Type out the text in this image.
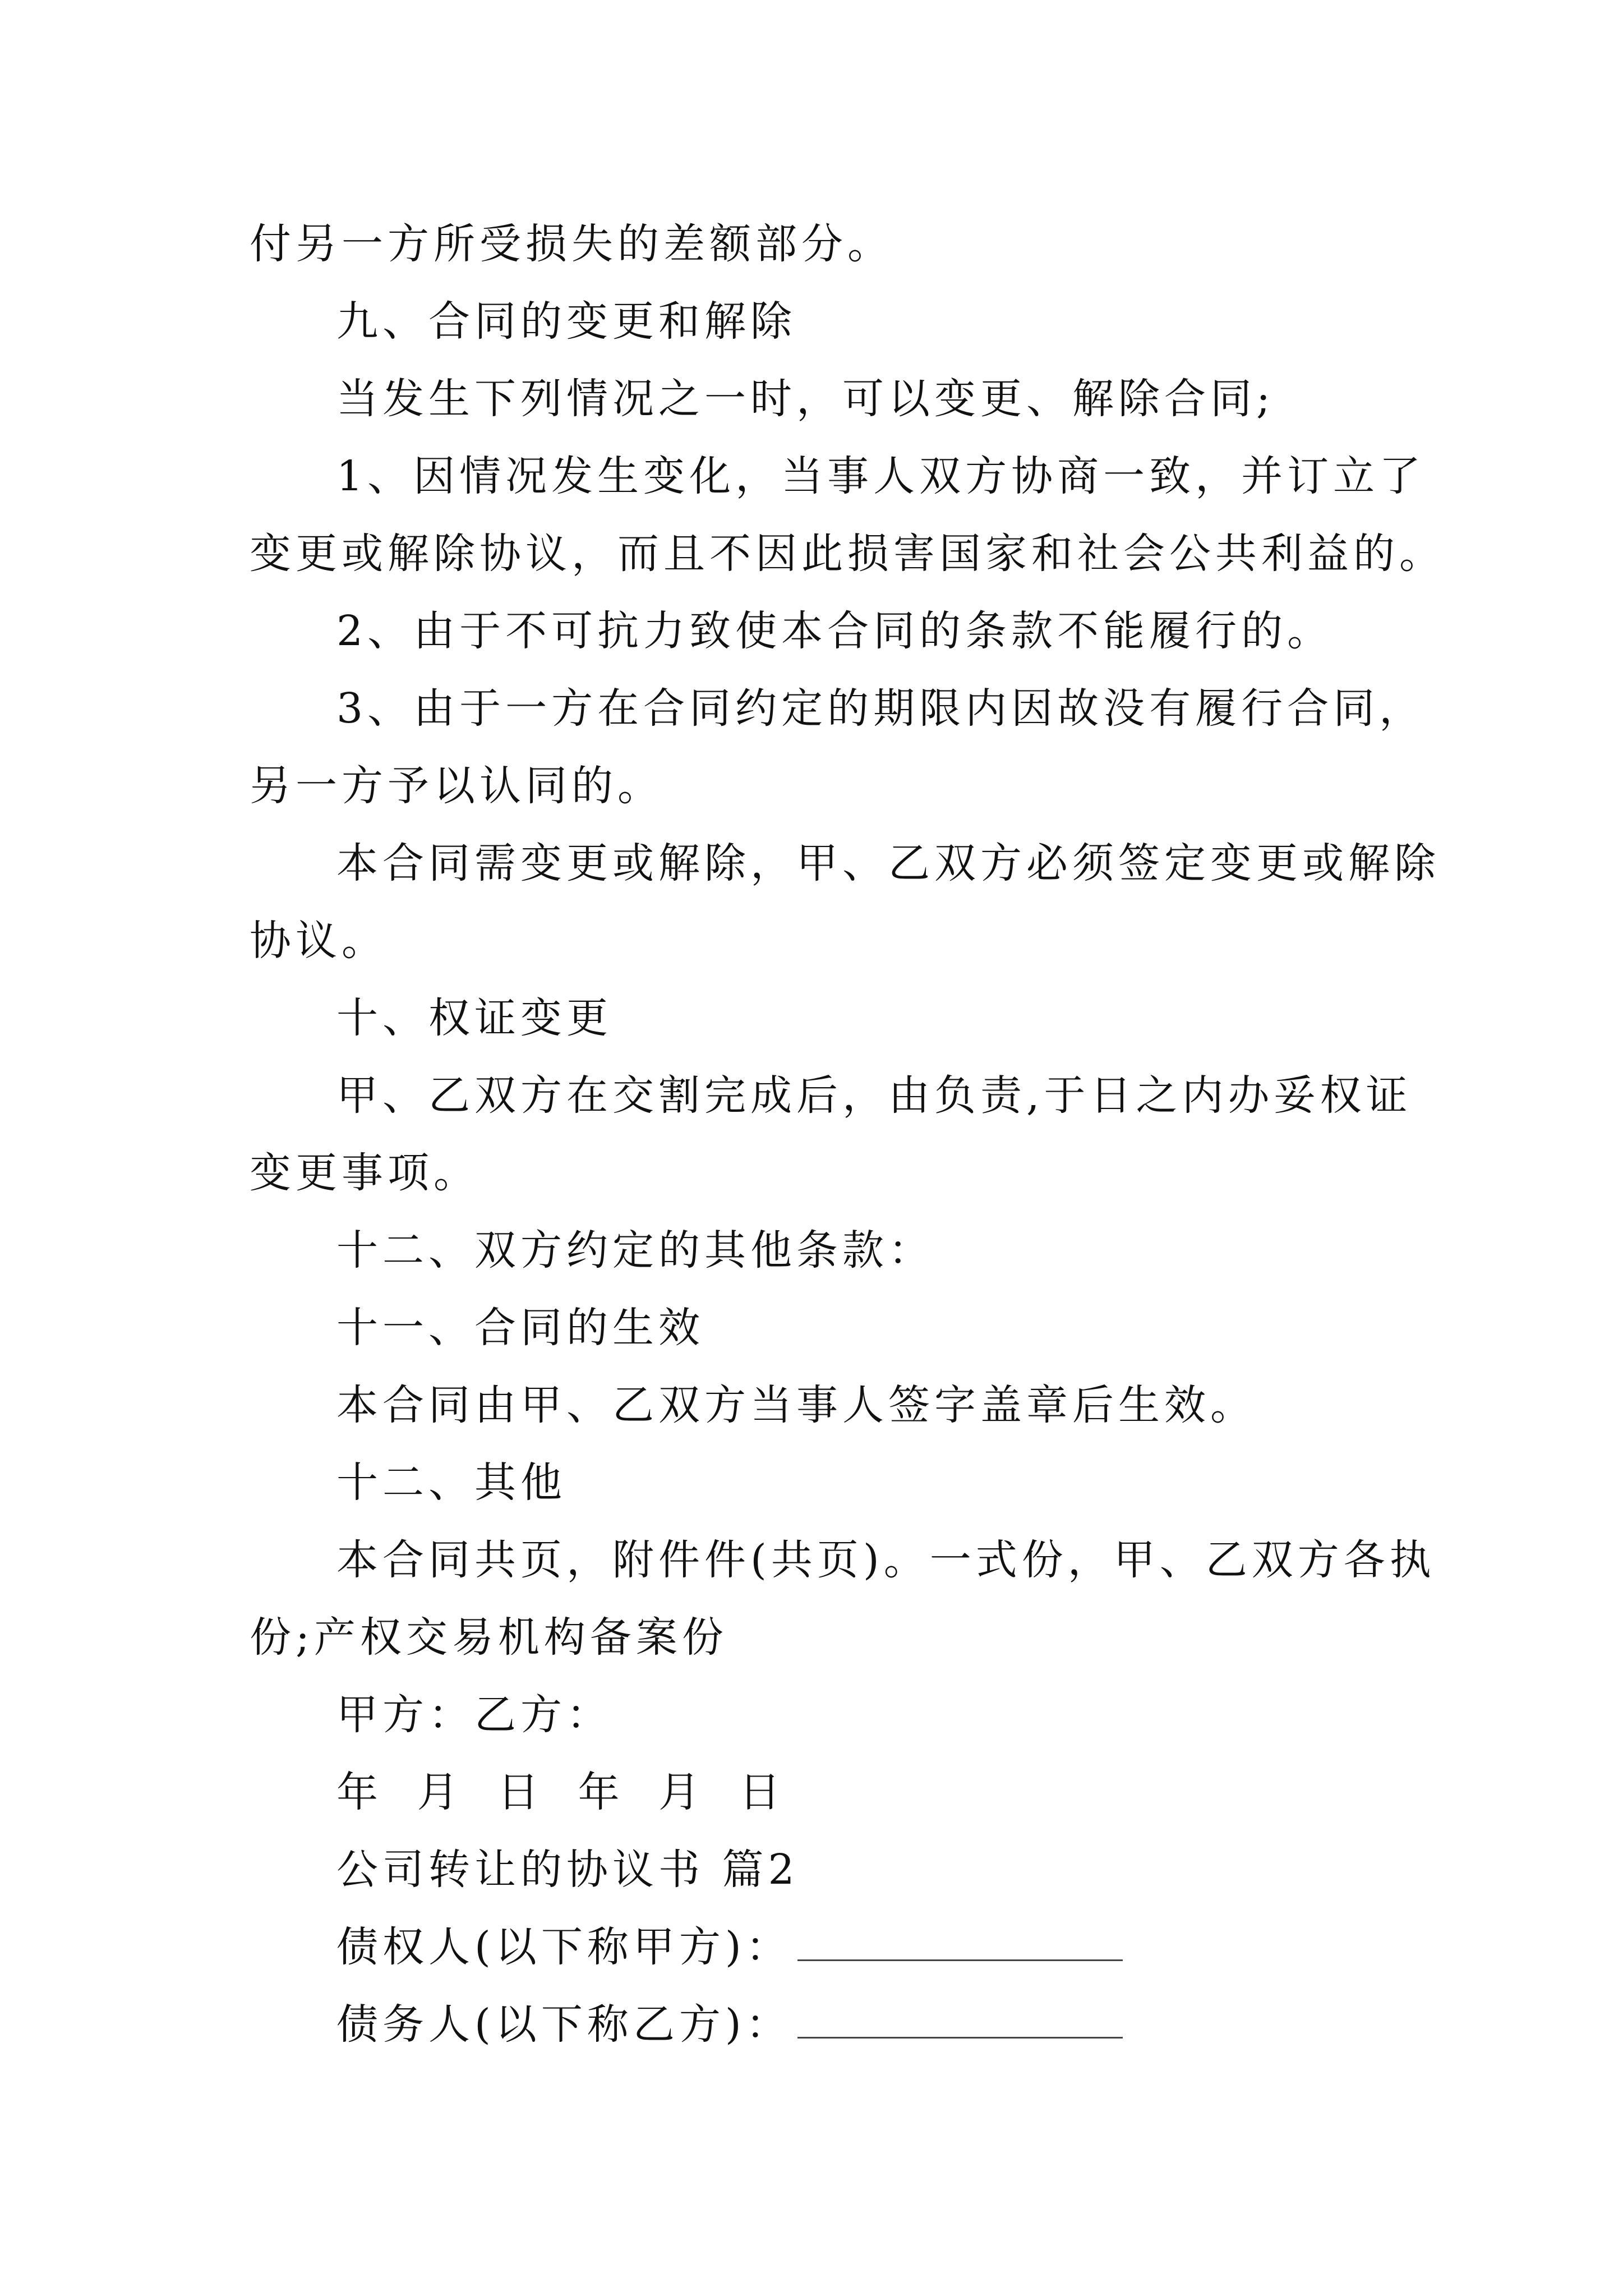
付另一方所受损失的差额部分。
九、合同的变更和解除
当发生下列情况之一时，可以变更、解除合同;
1、因情况发生变化，当事人双方协商一致，并订立了
变更或解除协议，而且不因此损害国家和社会公共利益的。
2、由于不可抗力致使本合同的条款不能履行的。
3、由于一方在合同约定的期限内因故没有履行合同，
另一方予以认同的。
本合同需变更或解除，甲、乙双方必须签定变更或解除
协议。
十、权证变更
甲、乙双方在交割完成后，由负责,于日之内办妥权证
变更事项。
十二、双方约定的其他条款：
十一、合同的生效
本合同由甲、乙双方当事人签字盖章后生效。
十二、其他
本合同共页，附件件(共页)。一式份，甲、乙双方各执
份;产权交易机构备案份
甲方：乙方：
年 月 日 年 月 日
公司转让的协议书 篇2
债权人(以下称甲方)：
债务人(以下称乙方)：
